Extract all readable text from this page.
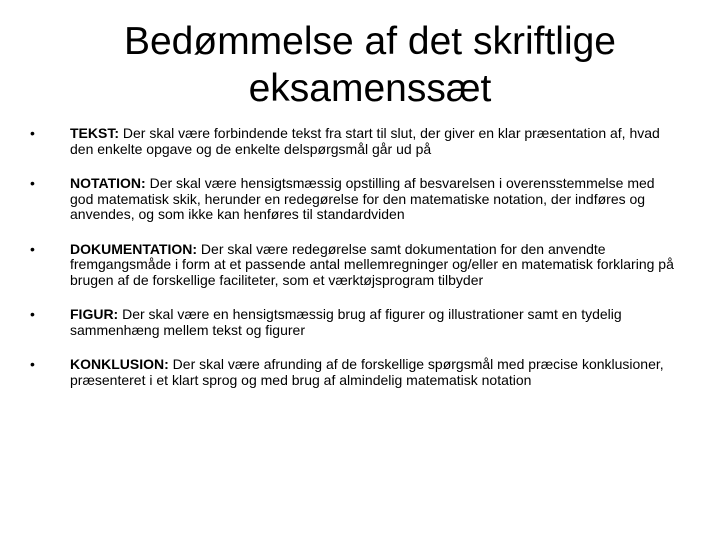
Bedømmelse af det skriftlige eksamenssæt
•	TEKST: Der skal være forbindende tekst fra start til slut, der giver en klar præsentation af, hvad den enkelte opgave og de enkelte delspørgsmål går ud på
•	NOTATION: Der skal være hensigtsmæssig opstilling af besvarelsen i overensstemmelse med god matematisk skik, herunder en redegørelse for den matematiske notation, der indføres og anvendes, og som ikke kan henføres til standardviden
•	DOKUMENTATION: Der skal være redegørelse samt dokumentation for den anvendte fremgangsmåde i form at et passende antal mellemregninger og/eller en matematisk forklaring på brugen af de forskellige faciliteter, som et værktøjsprogram tilbyder
•	FIGUR: Der skal være en hensigtsmæssig brug af figurer og illustrationer samt en tydelig sammenhæng mellem tekst og figurer
•	KONKLUSION: Der skal være afrunding af de forskellige spørgsmål med præcise konklusioner, præsenteret i et klart sprog og med brug af almindelig matematisk notation
